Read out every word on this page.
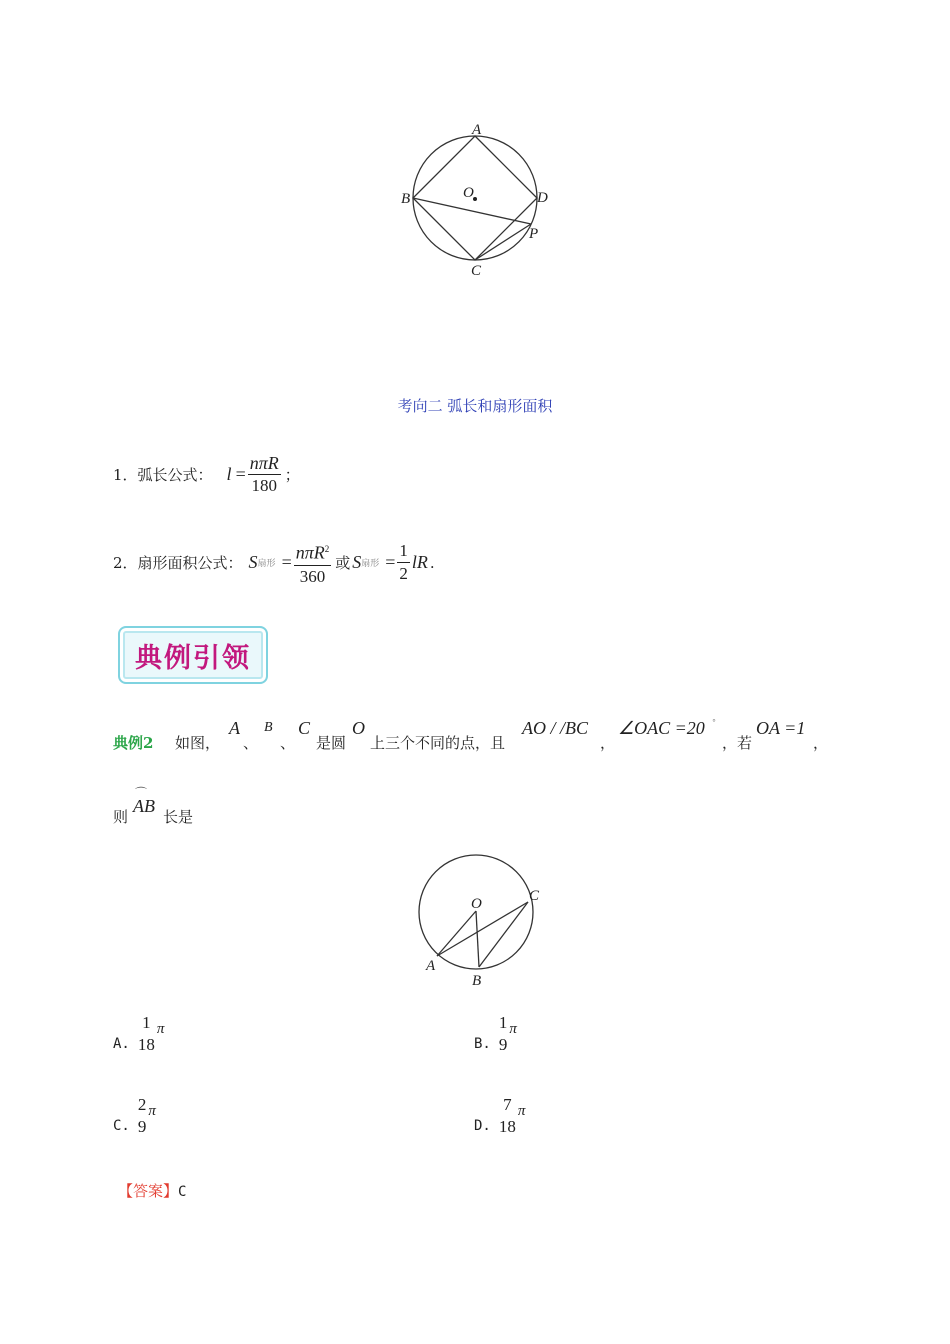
A
B
C
D
O
P
考向二 弧长和扇形面积
1．弧长公式： $l = \frac{\text{nπR}}{180}$ ；
2．扇形面积公式： S 扇形 = $\frac{n\pi R^2}{360}$ 或 S 扇形 = $\frac{1}{2}$ lR .
典例引领
典例2 如图，
A
、
B
、
C
是圆
O
上三个不同的点，且
AO / /BC
，
∠OAC =20 °
，若
OA =1
，
则
⌒
AB
长是
O
A
B
C
A.
1
18
π
B.
1
9
π
C.
2
9
π
D.
7
18
π
【答案】C
